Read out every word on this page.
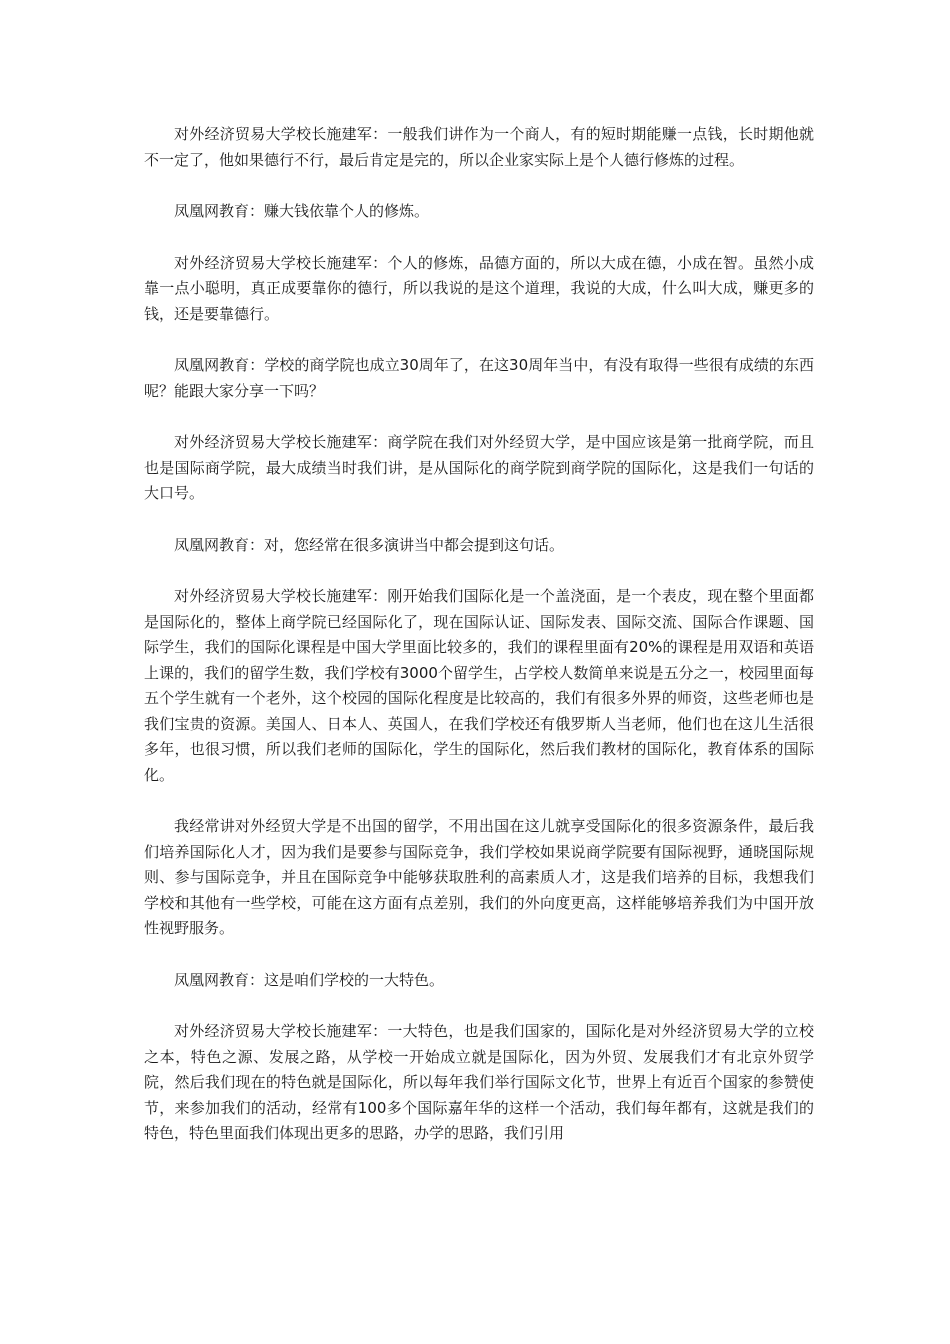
对外经济贸易大学校长施建军：一般我们讲作为一个商人，有的短时期能赚一点钱，长时期他就不一定了，他如果德行不行，最后肯定是完的，所以企业家实际上是个人德行修炼的过程。

凤凰网教育：赚大钱依靠个人的修炼。

对外经济贸易大学校长施建军：个人的修炼，品德方面的，所以大成在德，小成在智。虽然小成靠一点小聪明，真正成要靠你的德行，所以我说的是这个道理，我说的大成，什么叫大成，赚更多的钱，还是要靠德行。

凤凰网教育：学校的商学院也成立30周年了，在这30周年当中，有没有取得一些很有成绩的东西呢？能跟大家分享一下吗？

对外经济贸易大学校长施建军：商学院在我们对外经贸大学，是中国应该是第一批商学院，而且也是国际商学院，最大成绩当时我们讲，是从国际化的商学院到商学院的国际化，这是我们一句话的大口号。

凤凰网教育：对，您经常在很多演讲当中都会提到这句话。

对外经济贸易大学校长施建军：刚开始我们国际化是一个盖浇面，是一个表皮，现在整个里面都是国际化的，整体上商学院已经国际化了，现在国际认证、国际发表、国际交流、国际合作课题、国际学生，我们的国际化课程是中国大学里面比较多的，我们的课程里面有20%的课程是用双语和英语上课的，我们的留学生数，我们学校有3000个留学生，占学校人数简单来说是五分之一，校园里面每五个学生就有一个老外，这个校园的国际化程度是比较高的，我们有很多外界的师资，这些老师也是我们宝贵的资源。美国人、日本人、英国人，在我们学校还有俄罗斯人当老师，他们也在这儿生活很多年，也很习惯，所以我们老师的国际化，学生的国际化，然后我们教材的国际化，教育体系的国际化。

我经常讲对外经贸大学是不出国的留学，不用出国在这儿就享受国际化的很多资源条件，最后我们培养国际化人才，因为我们是要参与国际竞争，我们学校如果说商学院要有国际视野，通晓国际规则、参与国际竞争，并且在国际竞争中能够获取胜利的高素质人才，这是我们培养的目标，我想我们学校和其他有一些学校，可能在这方面有点差别，我们的外向度更高，这样能够培养我们为中国开放性视野服务。

凤凰网教育：这是咱们学校的一大特色。

对外经济贸易大学校长施建军：一大特色，也是我们国家的，国际化是对外经济贸易大学的立校之本，特色之源、发展之路，从学校一开始成立就是国际化，因为外贸、发展我们才有北京外贸学院，然后我们现在的特色就是国际化，所以每年我们举行国际文化节，世界上有近百个国家的参赞使节，来参加我们的活动，经常有100多个国际嘉年华的这样一个活动，我们每年都有，这就是我们的特色，特色里面我们体现出更多的思路，办学的思路，我们引用
